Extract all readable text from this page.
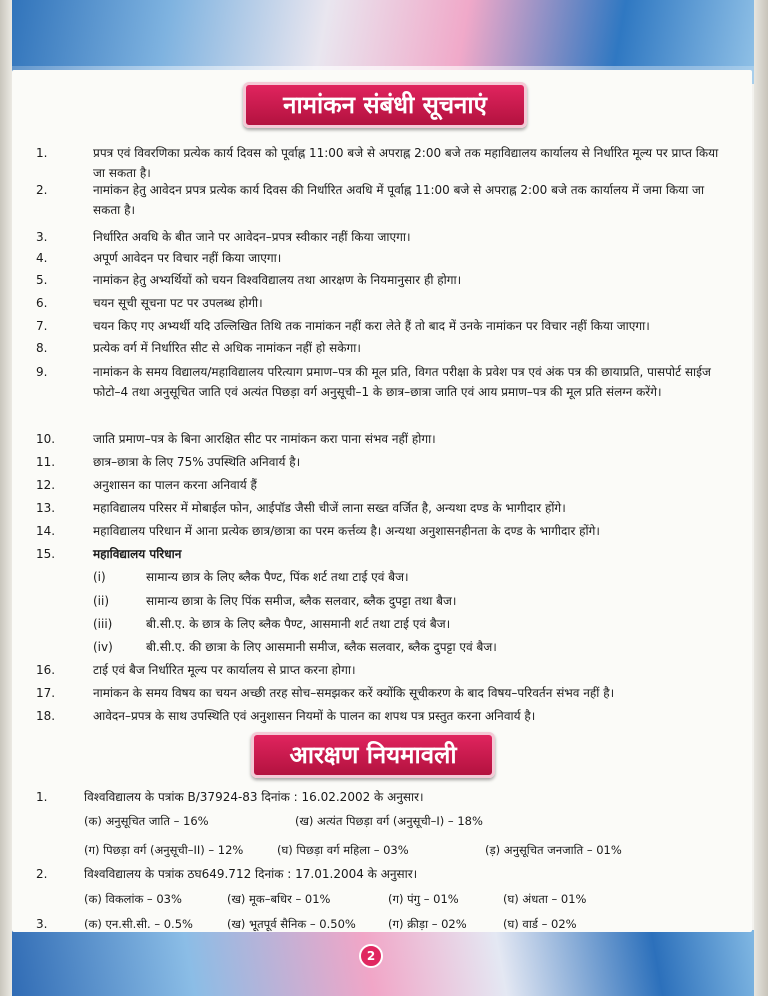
नामांकन संबंधी सूचनाएं
1.	प्रपत्र एवं विवरणिका प्रत्येक कार्य दिवस को पूर्वाह्न 11:00 बजे से अपराह्न 2:00 बजे तक महाविद्यालय कार्यालय से निर्धारित मूल्य पर प्राप्त किया जा सकता है।
2.	नामांकन हेतु आवेदन प्रपत्र प्रत्येक कार्य दिवस की निर्धारित अवधि में पूर्वाह्न 11:00 बजे से अपराह्न 2:00 बजे तक कार्यालय में जमा किया जा सकता है।
3.	निर्धारित अवधि के बीत जाने पर आवेदन–प्रपत्र स्वीकार नहीं किया जाएगा।
4.	अपूर्ण आवेदन पर विचार नहीं किया जाएगा।
5.	नामांकन हेतु अभ्यर्थियों को चयन विश्वविद्यालय तथा आरक्षण के नियमानुसार ही होगा।
6.	चयन सूची सूचना पट पर उपलब्ध होगी।
7.	चयन किए गए अभ्यर्थी यदि उल्लिखित तिथि तक नामांकन नहीं करा लेते हैं तो बाद में उनके नामांकन पर विचार नहीं किया जाएगा।
8.	प्रत्येक वर्ग में निर्धारित सीट से अधिक नामांकन नहीं हो सकेगा।
9.	नामांकन के समय विद्यालय/महाविद्यालय परित्याग प्रमाण–पत्र की मूल प्रति, विगत परीक्षा के प्रवेश पत्र एवं अंक पत्र की छायाप्रति, पासपोर्ट साईज फोटो–4 तथा अनुसूचित जाति एवं अत्यंत पिछड़ा वर्ग अनुसूची–1 के छात्र–छात्रा जाति एवं आय प्रमाण–पत्र की मूल प्रति संलग्न करेंगे।
10.	जाति प्रमाण–पत्र के बिना आरक्षित सीट पर नामांकन करा पाना संभव नहीं होगा।
11.	छात्र–छात्रा के लिए 75% उपस्थिति अनिवार्य है।
12.	अनुशासन का पालन करना अनिवार्य हैं
13.	महाविद्यालय परिसर में मोबाईल फोन, आईपॉड जैसी चीजें लाना सख्त वर्जित है, अन्यथा दण्ड के भागीदार होंगे।
14.	महाविद्यालय परिधान में आना प्रत्येक छात्र/छात्रा का परम कर्त्तव्य है। अन्यथा अनुशासनहीनता के दण्ड के भागीदार होंगे।
15.	महाविद्यालय परिधान
(i)	सामान्य छात्र के लिए ब्लैक पैण्ट, पिंक शर्ट तथा टाई एवं बैज।
(ii)	सामान्य छात्रा के लिए पिंक समीज, ब्लैक सलवार, ब्लैक दुपट्टा तथा बैज।
(iii)	बी.सी.ए. के छात्र के लिए ब्लैक पैण्ट, आसमानी शर्ट तथा टाई एवं बैज।
(iv)	बी.सी.ए. की छात्रा के लिए आसमानी समीज, ब्लैक सलवार, ब्लैक दुपट्टा एवं बैज।
16.	टाई एवं बैज निर्धारित मूल्य पर कार्यालय से प्राप्त करना होगा।
17.	नामांकन के समय विषय का चयन अच्छी तरह सोच–समझकर करें क्योंकि सूचीकरण के बाद विषय–परिवर्तन संभव नहीं है।
18.	आवेदन–प्रपत्र के साथ उपस्थिति एवं अनुशासन नियमों के पालन का शपथ पत्र प्रस्तुत करना अनिवार्य है।
आरक्षण नियमावली
1.	विश्वविद्यालय के पत्रांक B/37924-83 दिनांक : 16.02.2002 के अनुसार।
(क) अनुसूचित जाति – 16%	(ख) अत्यंत पिछड़ा वर्ग (अनुसूची–I) – 18%
(ग) पिछड़ा वर्ग (अनुसूची–II) – 12%	(घ) पिछड़ा वर्ग महिला – 03%	(ड़) अनुसूचित जनजाति – 01%
2.	विश्वविद्यालय के पत्रांक ठघ649.712 दिनांक : 17.01.2004 के अनुसार।
(क) विकलांक – 03%	(ख) मूक–बधिर – 01%	(ग) पंगु – 01%	(घ) अंधता – 01%
3.	(क) एन.सी.सी. – 0.5%	(ख) भूतपूर्व सैनिक – 0.50%	(ग) क्रीड़ा – 02%	(घ) वार्ड – 02%
2
